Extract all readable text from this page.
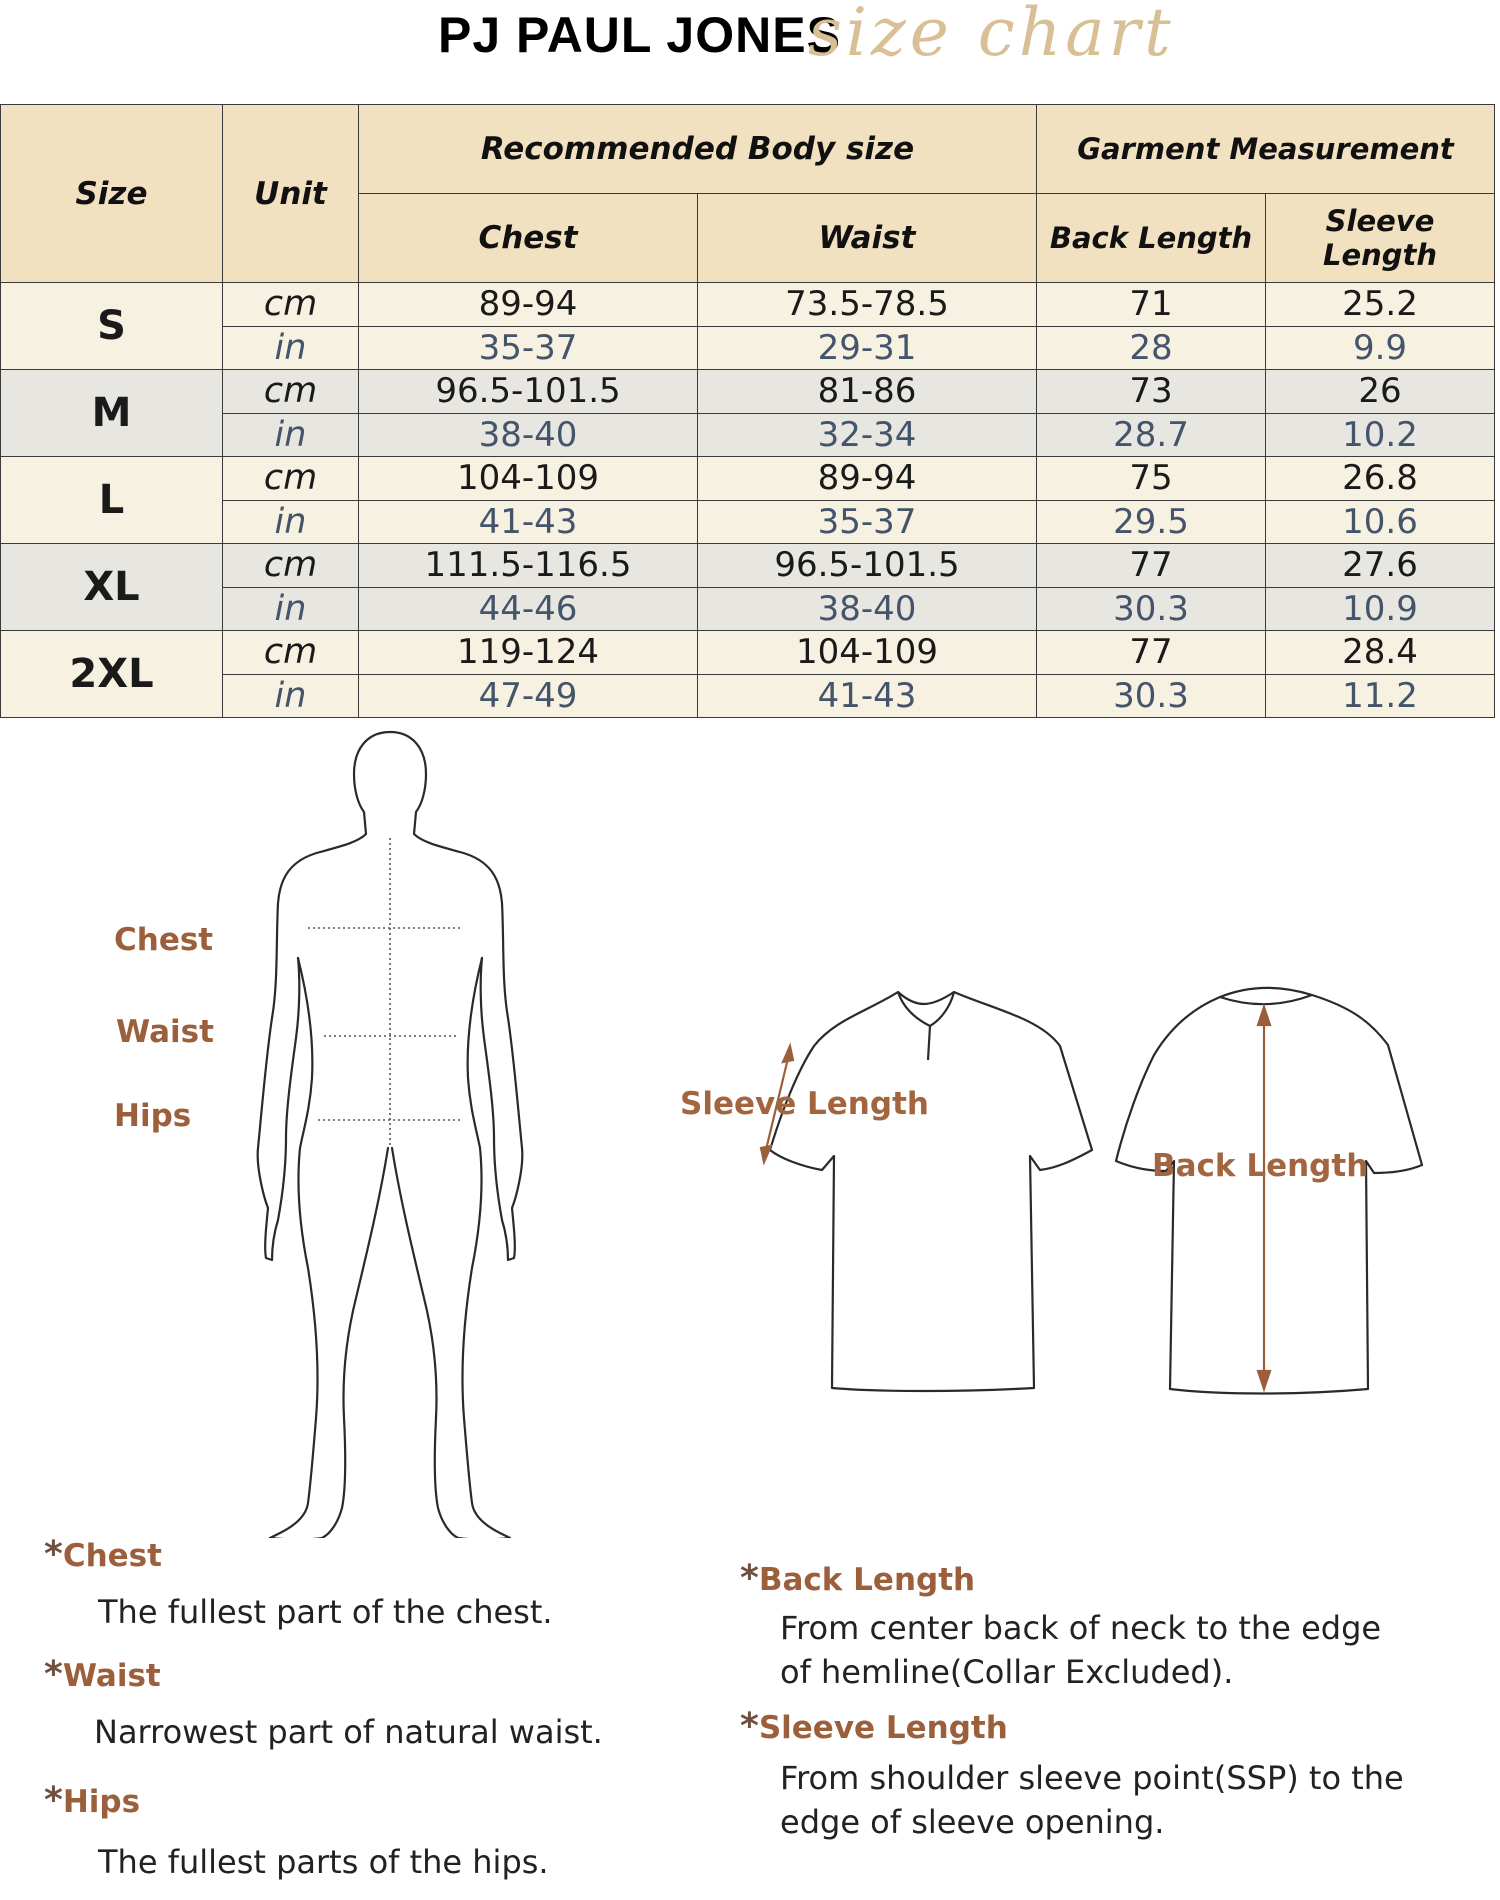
PJ PAUL JONES
size chart
Size	Unit	Recommended Body size		Garment Measurement	
		Chest	Waist	Back Length	Sleeve Length
S	cm	89-94	73.5-78.5	71	25.2
	in	35-37	29-31	28	9.9
M	cm	96.5-101.5	81-86	73	26
	in	38-40	32-34	28.7	10.2
L	cm	104-109	89-94	75	26.8
	in	41-43	35-37	29.5	10.6
XL	cm	111.5-116.5	96.5-101.5	77	27.6
	in	44-46	38-40	30.3	10.9
2XL	cm	119-124	104-109	77	28.4
	in	47-49	41-43	30.3	11.2
Chest
Waist
Hips	Sleeve Length
Back Length
*Chest
The fullest part of the chest.
*Waist
Narrowest part of natural waist.
*Hips
The fullest parts of the hips.
*Back Length
From center back of neck to the edge
of hemline(Collar Excluded).
*Sleeve Length
From shoulder sleeve point(SSP) to the
edge of sleeve opening.
